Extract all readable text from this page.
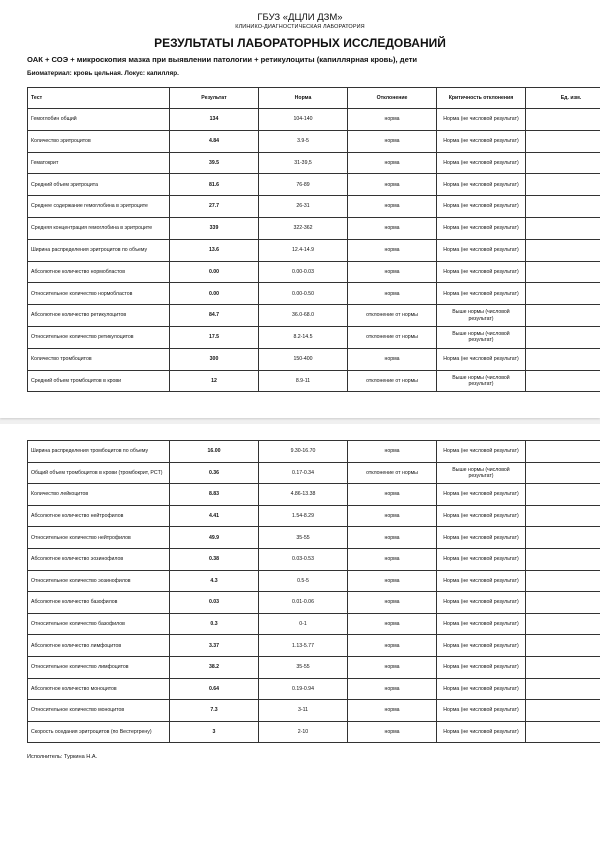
ГБУЗ «ДЦЛИ ДЗМ»
КЛИНИКО-ДИАГНОСТИЧЕСКАЯ ЛАБОРАТОРИЯ
РЕЗУЛЬТАТЫ ЛАБОРАТОРНЫХ ИССЛЕДОВАНИЙ
ОАК + СОЭ + микроскопия мазка при выявлении патологии + ретикулоциты (капиллярная кровь), дети
Биоматериал: кровь цельная. Локус: капилляр.
Тест	Результат	Норма	Отклонение	Критичность отклонения	Ед. изм.
Гемоглобин общий	134	104-140	норма	Норма (не числовой результат)	
Количество эритроцитов	4.84	3.9-5	норма	Норма (не числовой результат)	
Гематокрит	39.5	31-39,5	норма	Норма (не числовой результат)	
Средний объем эритроцита	81.6	76-89	норма	Норма (не числовой результат)	
Среднее содержание гемоглобина в эритроците	27.7	26-31	норма	Норма (не числовой результат)	
Средняя концентрация гемоглобина в эритроците	339	322-362	норма	Норма (не числовой результат)	
Ширина распределения эритроцитов по объему	13.6	12.4-14.9	норма	Норма (не числовой результат)	
Абсолютное количество нормобластов	0.00	0.00-0.03	норма	Норма (не числовой результат)	
Относительное количество нормобластов	0.00	0.00-0.50	норма	Норма (не числовой результат)	
Абсолютное количество ретикулоцитов	84.7	36.0-68.0	отклонение от нормы	Выше нормы (числовой результат)	
Относительное количество ретикулоцитов	17.5	8.2-14.5	отклонение от нормы	Выше нормы (числовой результат)	
Количество тромбоцитов	300	150-400	норма	Норма (не числовой результат)	
Средний объем тромбоцитов в крови	12	8.9-11	отклонение от нормы	Выше нормы (числовой результат)	
Ширина распределения тромбоцитов по объему	16.00	9.30-16.70	норма	Норма (не числовой результат)	
Общий объем тромбоцитов в крови (тромбокрит, PCT)	0.36	0.17-0.34	отклонение от нормы	Выше нормы (числовой результат)	
Количество лейкоцитов	8.83	4.86-13.38	норма	Норма (не числовой результат)	
Абсолютное количество нейтрофилов	4.41	1.54-8.29	норма	Норма (не числовой результат)	
Относительное количество нейтрофилов	49.9	35-55	норма	Норма (не числовой результат)	
Абсолютное количество эозинофилов	0.38	0.03-0.53	норма	Норма (не числовой результат)	
Относительное количество эозинофилов	4.3	0.5-5	норма	Норма (не числовой результат)	
Абсолютное количество базофилов	0.03	0.01-0.06	норма	Норма (не числовой результат)	
Относительное количество базофилов	0.3	0-1	норма	Норма (не числовой результат)	
Абсолютное количество лимфоцитов	3.37	1.13-5.77	норма	Норма (не числовой результат)	
Относительное количество лимфоцитов	38.2	35-55	норма	Норма (не числовой результат)	
Абсолютное количество моноцитов	0.64	0.19-0.94	норма	Норма (не числовой результат)	
Относительное количество моноцитов	7.3	3-11	норма	Норма (не числовой результат)	
Скорость оседания эритроцитов (по Вестергрену)	3	2-10	норма	Норма (не числовой результат)	
Исполнитель: Туркина Н.А.
